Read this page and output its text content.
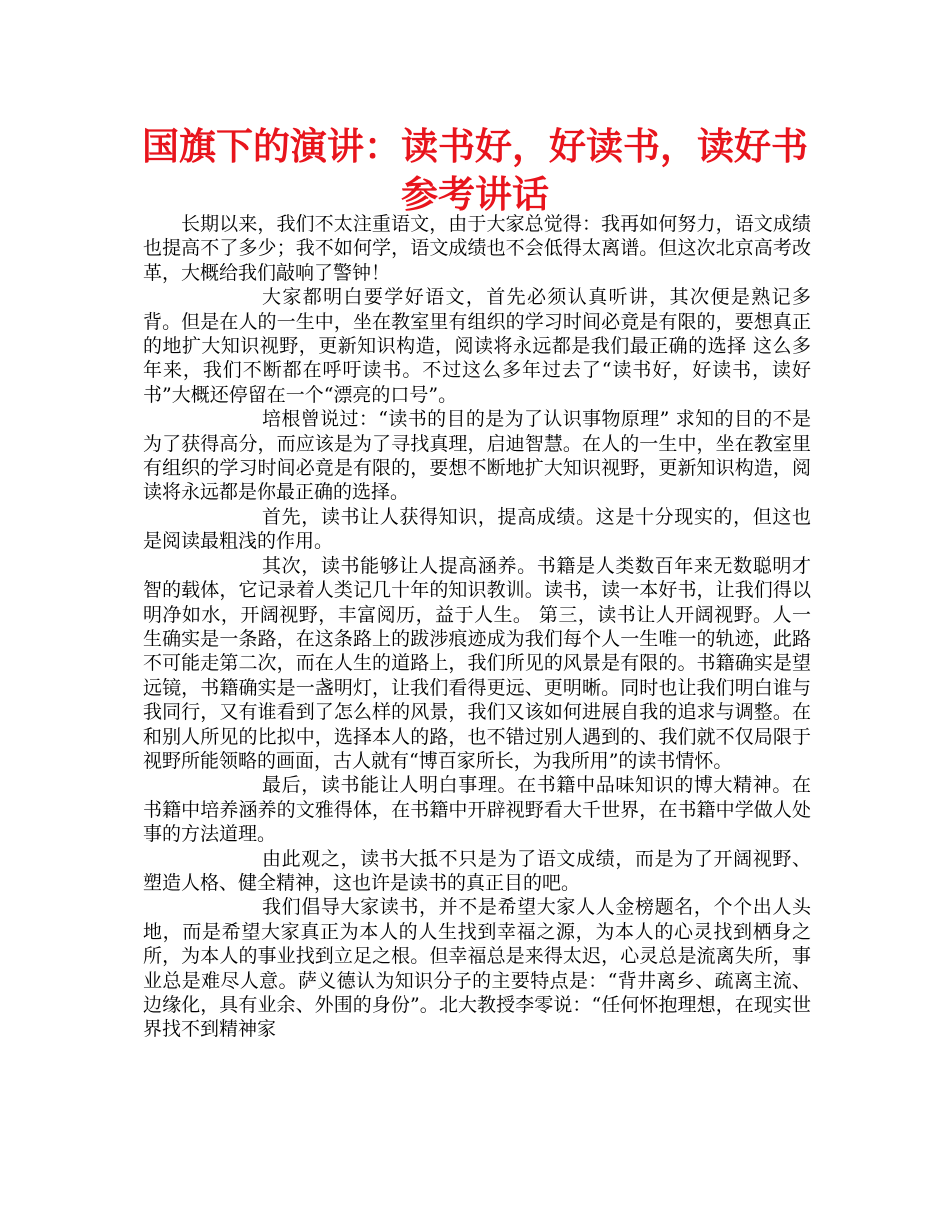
国旗下的演讲：读书好，好读书，读好书
参考讲话

长期以来，我们不太注重语文，由于大家总觉得：我再如何努力，语文成绩也提高不了多少；我不如何学，语文成绩也不会低得太离谱。但这次北京高考改革，大概给我们敲响了警钟！

大家都明白要学好语文，首先必须认真听讲，其次便是熟记多背。但是在人的一生中，坐在教室里有组织的学习时间必竟是有限的，要想真正的地扩大知识视野，更新知识构造，阅读将永远都是我们最正确的选择 这么多年来，我们不断都在呼吁读书。不过这么多年过去了“读书好，好读书，读好书”大概还停留在一个“漂亮的口号”。

培根曾说过：“读书的目的是为了认识事物原理” 求知的目的不是为了获得高分，而应该是为了寻找真理，启迪智慧。在人的一生中，坐在教室里有组织的学习时间必竟是有限的，要想不断地扩大知识视野，更新知识构造，阅读将永远都是你最正确的选择。

首先，读书让人获得知识，提高成绩。这是十分现实的，但这也是阅读最粗浅的作用。

其次，读书能够让人提高涵养。书籍是人类数百年来无数聪明才智的载体，它记录着人类记几十年的知识教训。读书，读一本好书，让我们得以明净如水，开阔视野，丰富阅历，益于人生。 第三，读书让人开阔视野。人一生确实是一条路，在这条路上的跋涉痕迹成为我们每个人一生唯一的轨迹，此路不可能走第二次，而在人生的道路上，我们所见的风景是有限的。书籍确实是望远镜，书籍确实是一盏明灯，让我们看得更远、更明晰。同时也让我们明白谁与我同行，又有谁看到了怎么样的风景，我们又该如何进展自我的追求与调整。在和别人所见的比拟中，选择本人的路，也不错过别人遇到的、我们就不仅局限于视野所能领略的画面，古人就有“博百家所长，为我所用”的读书情怀。

最后，读书能让人明白事理。在书籍中品味知识的博大精神。在书籍中培养涵养的文雅得体，在书籍中开辟视野看大千世界，在书籍中学做人处事的方法道理。

由此观之，读书大抵不只是为了语文成绩，而是为了开阔视野、塑造人格、健全精神，这也许是读书的真正目的吧。

我们倡导大家读书，并不是希望大家人人金榜题名，个个出人头地，而是希望大家真正为本人的人生找到幸福之源，为本人的心灵找到栖身之所，为本人的事业找到立足之根。但幸福总是来得太迟，心灵总是流离失所，事业总是难尽人意。萨义德认为知识分子的主要特点是：“背井离乡、疏离主流、边缘化，具有业余、外围的身份”。北大教授李零说：“任何怀抱理想，在现实世界找不到精神家
